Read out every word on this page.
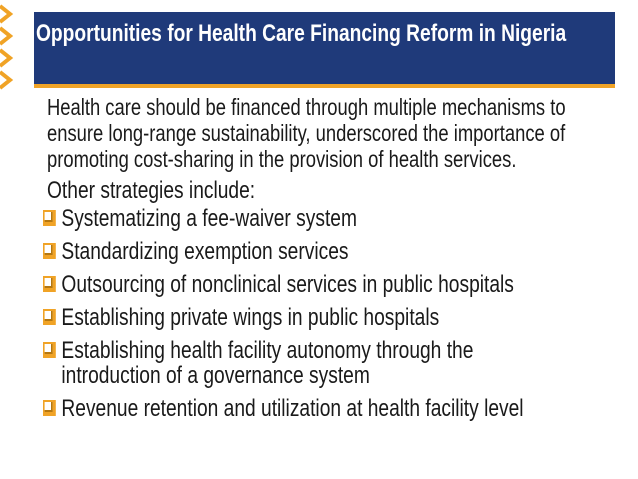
Opportunities for Health Care Financing Reform in Nigeria

Health care should be financed through multiple mechanisms to ensure long-range sustainability, underscored the importance of promoting cost-sharing in the provision of health services.

Other strategies include:

Systematizing a fee-waiver system
Standardizing exemption services
Outsourcing of nonclinical services in public hospitals
Establishing private wings in public hospitals
Establishing health facility autonomy through the introduction of a governance system
Revenue retention and utilization at health facility level
